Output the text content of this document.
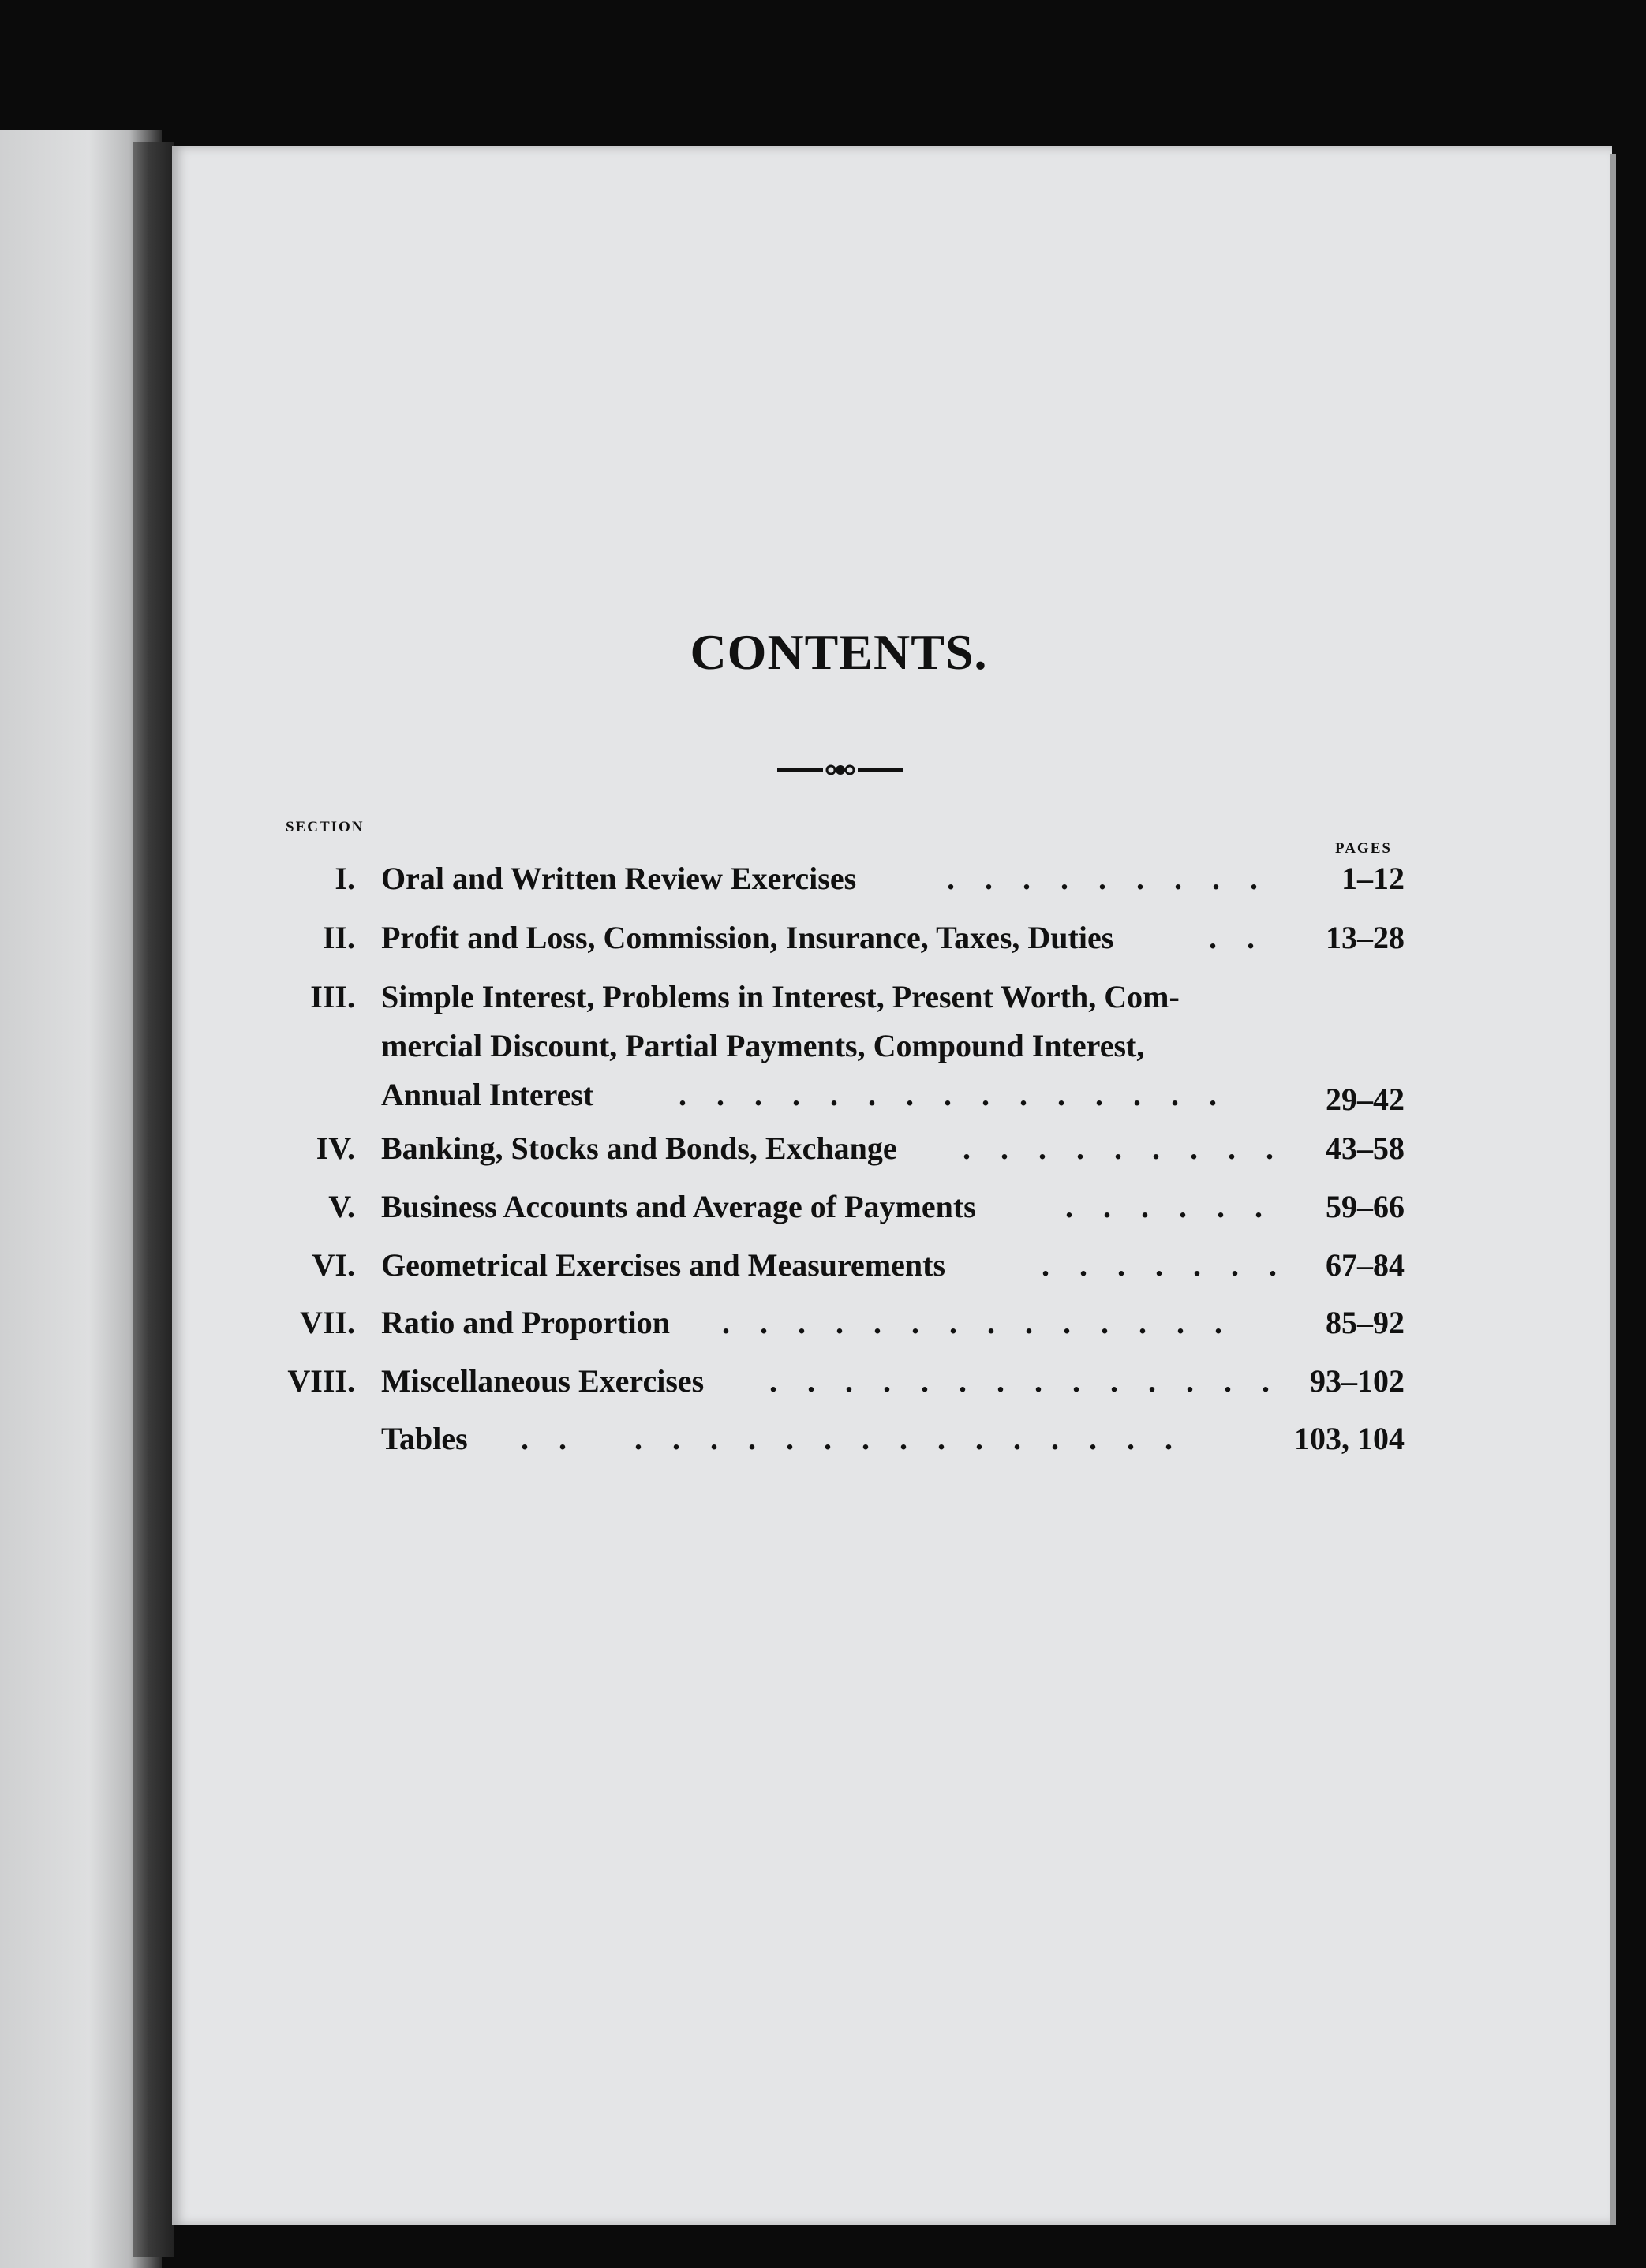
CONTENTS.
SECTION
PAGES
I. Oral and Written Review Exercises	. . . . . . . . .	1–12
II. Profit and Loss, Commission, Insurance, Taxes, Duties	. .	13–28
III. Simple Interest, Problems in Interest, Present Worth, Com-
mercial Discount, Partial Payments, Compound Interest,
Annual Interest	. . . . . . . . . . . . . . .	29–42
IV. Banking, Stocks and Bonds, Exchange . . . . . . . . .	43–58
V. Business Accounts and Average of Payments	. . . . . .	59–66
VI. Geometrical Exercises and Measurements	. . . . . . .	67–84
VII. Ratio and Proportion . . . . . . . . . . . . . .	85–92
VIII. Miscellaneous Exercises . . . . . . . . . . . . . . 93–102
Tables . .   . . . . . . . . . . . . . . .	103, 104
